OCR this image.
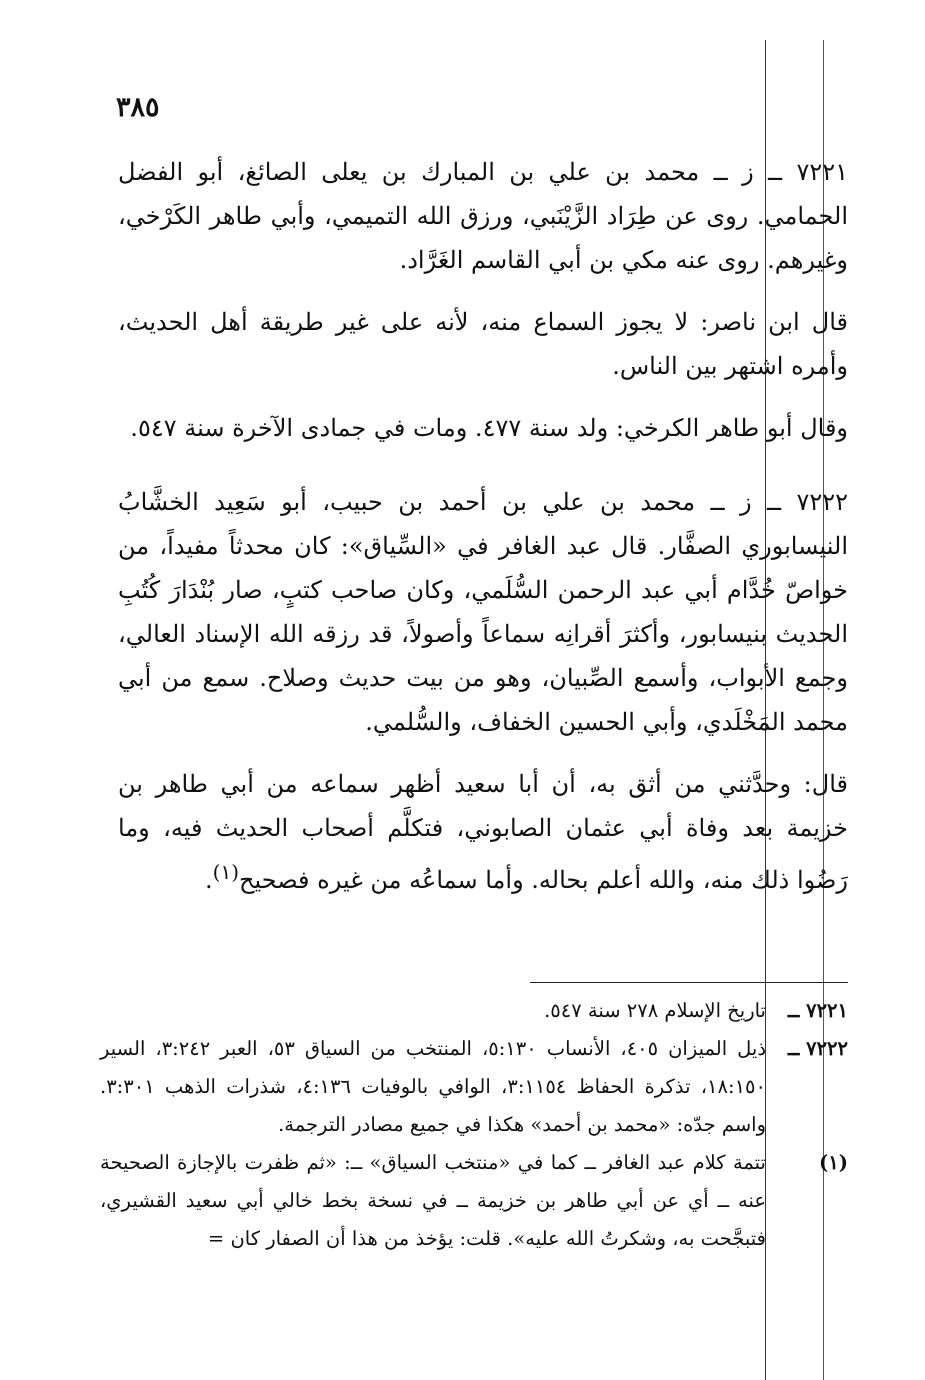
٣٨٥

٧٢٢١ ــ ز ــ محمد بن علي بن المبارك بن يعلى الصائغ، أبو الفضل الحمامي. روى عن طِرَاد الزَّيْنَبي، ورزق الله التميمي، وأبي طاهر الكَرْخي، وغيرهم. روى عنه مكي بن أبي القاسم الغَرَّاد.

قال ابن ناصر: لا يجوز السماع منه، لأنه على غير طريقة أهل الحديث، وأمره اشتهر بين الناس.

وقال أبو طاهر الكرخي: ولد سنة ٤٧٧. ومات في جمادى الآخرة سنة ٥٤٧.

٧٢٢٢ ــ ز ــ محمد بن علي بن أحمد بن حبيب، أبو سَعِيد الخشَّابُ النيسابوري الصفَّار. قال عبد الغافر في «السِّياق»: كان محدثاً مفيداً، من خواصّ خُدَّام أبي عبد الرحمن السُّلَمي، وكان صاحب كتبٍ، صار بُنْدَارَ كُتُبِ الحديث بنيسابور، وأكثرَ أقرانِه سماعاً وأصولاً، قد رزقه الله الإسناد العالي، وجمع الأبواب، وأسمع الصِّبيان، وهو من بيت حديث وصلاح. سمع من أبي محمد المَخْلَدي، وأبي الحسين الخفاف، والسُّلمي.

قال: وحدَّثني من أثق به، أن أبا سعيد أظهر سماعه من أبي طاهر بن خزيمة بعد وفاة أبي عثمان الصابوني، فتكلَّم أصحاب الحديث فيه، وما رَضُوا ذلك منه، والله أعلم بحاله. وأما سماعُه من غيره فصحيح$^{(١)}$.

٧٢٢١ ــ
تاريخ الإسلام ٢٧٨ سنة ٥٤٧.
٧٢٢٢ ــ
ذيل الميزان ٤٠٥، الأنساب ٥:١٣٠، المنتخب من السياق ٥٣، العبر ٣:٢٤٢، السير ١٨:١٥٠، تذكرة الحفاظ ٣:١١٥٤، الوافي بالوفيات ٤:١٣٦، شذرات الذهب ٣:٣٠١. واسم جدّه: «محمد بن أحمد» هكذا في جميع مصادر الترجمة.
(١)
تتمة كلام عبد الغافر ــ كما في «منتخب السياق» ــ: «ثم ظفرت بالإجازة الصحيحة عنه ــ أي عن أبي طاهر بن خزيمة ــ في نسخة بخط خالي أبي سعيد القشيري، فتبجَّحت به، وشكرتُ الله عليه». قلت: يؤخذ من هذا أن الصفار كان =
